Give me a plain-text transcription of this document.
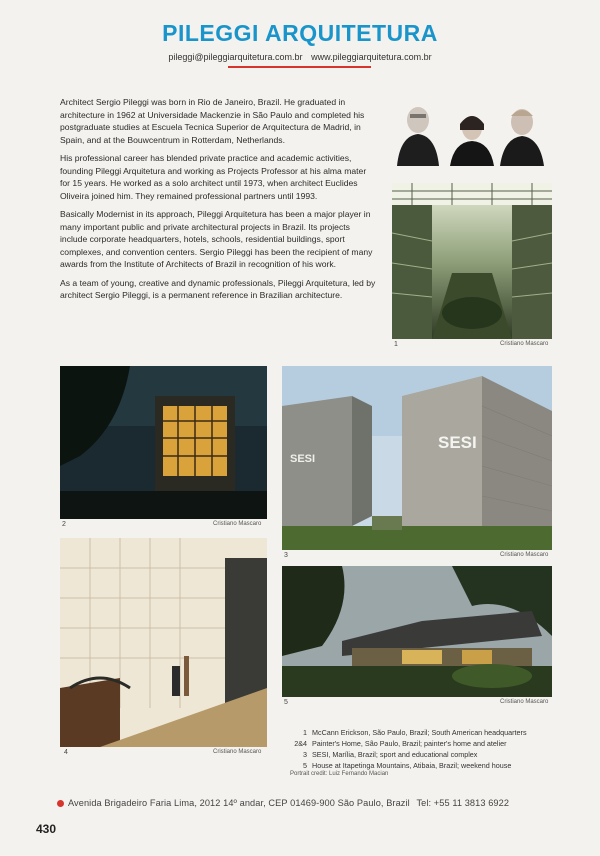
PILEGGI ARQUITETURA
pileggi@pileggiarquitetura.com.br www.pileggiarquitetura.com.br

Architect Sergio Pileggi was born in Rio de Janeiro, Brazil. He graduated in architecture in 1962 at Universidade Mackenzie in São Paulo and completed his postgraduate studies at Escuela Tecnica Superior de Arquitectura de Madrid, in Spain, and at the Bouwcentrum in Rotterdam, Netherlands.

His professional career has blended private practice and academic activities, founding Pileggi Arquitetura and working as Projects Professor at his alma mater for 15 years. He worked as a solo architect until 1973, when architect Euclides Oliveira joined him. They remained professional partners until 1993.

Basically Modernist in its approach, Pileggi Arquitetura has been a major player in many important public and private architectural projects in Brazil. Its projects include corporate headquarters, hotels, schools, residential buildings, sport complexes, and convention centers. Sergio Pileggi has been the recipient of many awards from the Institute of Architects of Brazil in recognition of his work.

As a team of young, creative and dynamic professionals, Pileggi Arquitetura, led by architect Sergio Pileggi, is a permanent reference in Brazilian architecture.

1	Cristiano Mascaro
2	Cristiano Mascaro
SESI
SESI
3	Cristiano Mascaro
4	Cristiano Mascaro
5	Cristiano Mascaro
1 McCann Erickson, São Paulo, Brazil; South American headquarters
2&4 Painter's Home, São Paulo, Brazil; painter's home and atelier
3 SESI, Marília, Brazil; sport and educational complex
5 House at Itapetinga Mountains, Atibaia, Brazil; weekend house
Portrait credit: Luiz Fernando Macian
Avenida Brigadeiro Faria Lima, 2012 14º andar, CEP 01469-900 São Paulo, Brazil Tel: +55 11 3813 6922
430
